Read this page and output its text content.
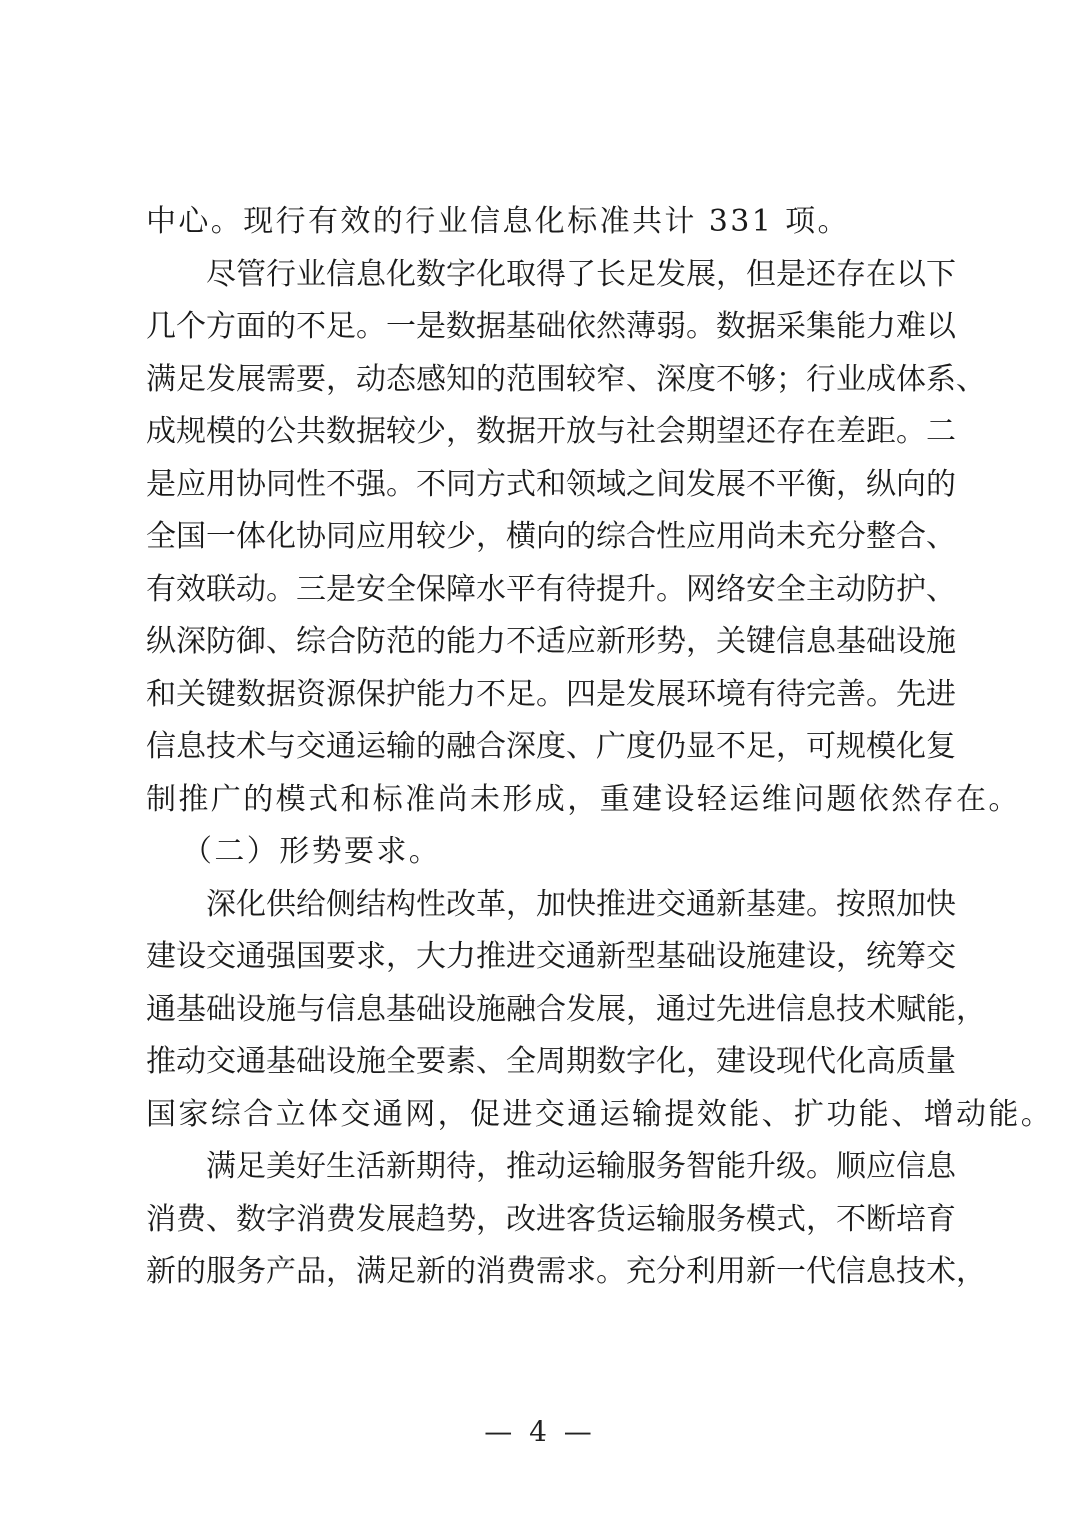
中心。现行有效的行业信息化标准共计 331 项。
尽管行业信息化数字化取得了长足发展，但是还存在以下
几个方面的不足。一是数据基础依然薄弱。数据采集能力难以
满足发展需要，动态感知的范围较窄、深度不够；行业成体系、
成规模的公共数据较少，数据开放与社会期望还存在差距。二
是应用协同性不强。不同方式和领域之间发展不平衡，纵向的
全国一体化协同应用较少，横向的综合性应用尚未充分整合、
有效联动。三是安全保障水平有待提升。网络安全主动防护、
纵深防御、综合防范的能力不适应新形势，关键信息基础设施
和关键数据资源保护能力不足。四是发展环境有待完善。先进
信息技术与交通运输的融合深度、广度仍显不足，可规模化复
制推广的模式和标准尚未形成，重建设轻运维问题依然存在。
（二）形势要求。
深化供给侧结构性改革，加快推进交通新基建。按照加快
建设交通强国要求，大力推进交通新型基础设施建设，统筹交
通基础设施与信息基础设施融合发展，通过先进信息技术赋能，
推动交通基础设施全要素、全周期数字化，建设现代化高质量
国家综合立体交通网，促进交通运输提效能、扩功能、增动能。
满足美好生活新期待，推动运输服务智能升级。顺应信息
消费、数字消费发展趋势，改进客货运输服务模式，不断培育
新的服务产品，满足新的消费需求。充分利用新一代信息技术，
— 4 —
